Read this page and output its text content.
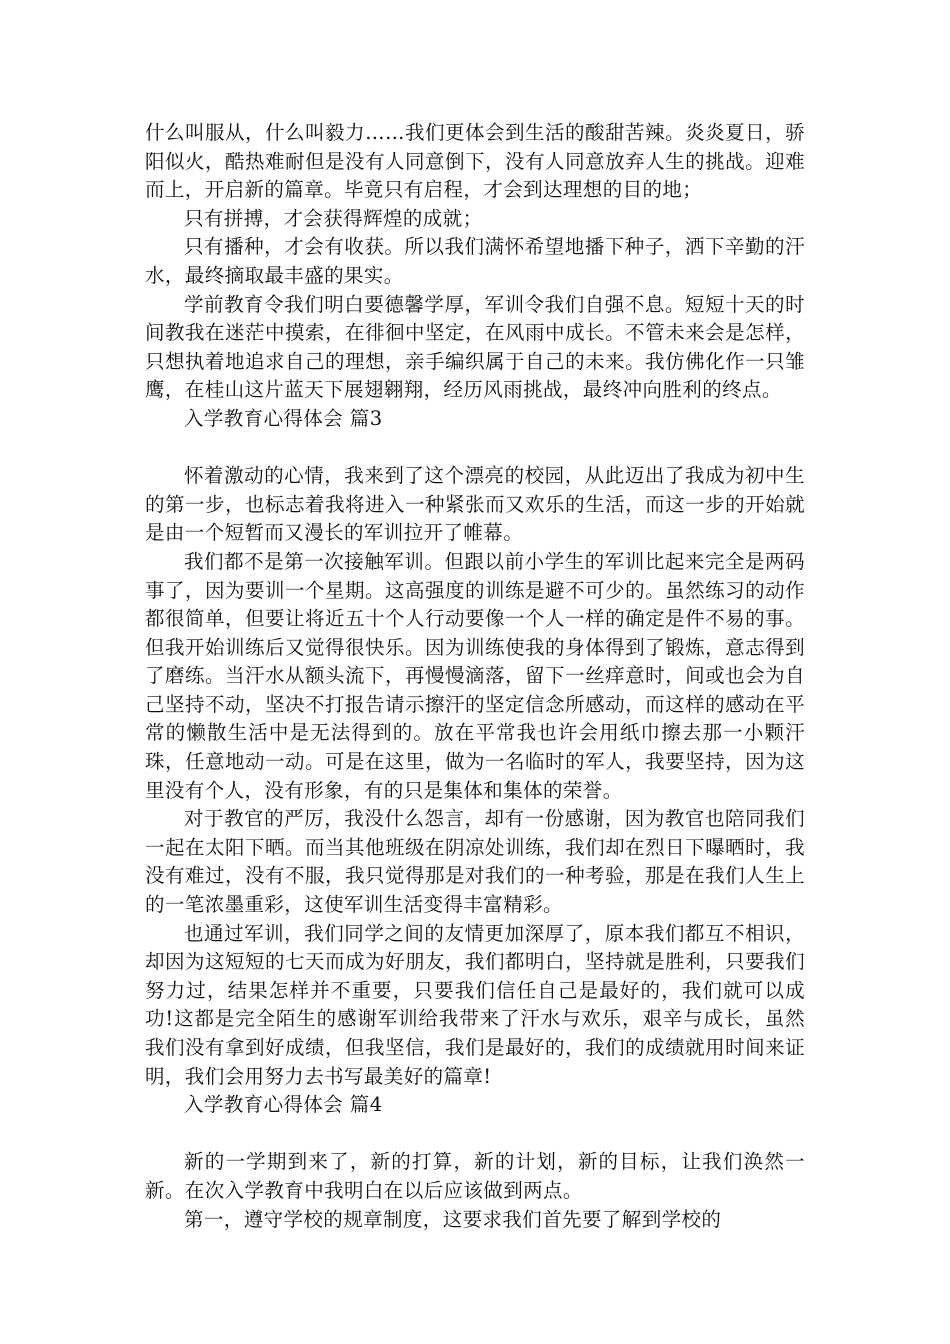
什么叫服从，什么叫毅力……我们更体会到生活的酸甜苦辣。炎炎夏日，骄阳似火，酷热难耐但是没有人同意倒下，没有人同意放弃人生的挑战。迎难而上，开启新的篇章。毕竟只有启程，才会到达理想的目的地；

只有拼搏，才会获得辉煌的成就；

只有播种，才会有收获。所以我们满怀希望地播下种子，洒下辛勤的汗水，最终摘取最丰盛的果实。

学前教育令我们明白要德馨学厚，军训令我们自强不息。短短十天的时间教我在迷茫中摸索，在徘徊中坚定，在风雨中成长。不管未来会是怎样，只想执着地追求自己的理想，亲手编织属于自己的未来。我仿佛化作一只雏鹰，在桂山这片蓝天下展翅翱翔，经历风雨挑战，最终冲向胜利的终点。

入学教育心得体会 篇3

怀着激动的心情，我来到了这个漂亮的校园，从此迈出了我成为初中生的第一步，也标志着我将进入一种紧张而又欢乐的生活，而这一步的开始就是由一个短暂而又漫长的军训拉开了帷幕。

我们都不是第一次接触军训。但跟以前小学生的军训比起来完全是两码事了，因为要训一个星期。这高强度的训练是避不可少的。虽然练习的动作都很简单，但要让将近五十个人行动要像一个人一样的确定是件不易的事。但我开始训练后又觉得很快乐。因为训练使我的身体得到了锻炼，意志得到了磨练。当汗水从额头流下，再慢慢滴落，留下一丝痒意时，间或也会为自己坚持不动，坚决不打报告请示擦汗的坚定信念所感动，而这样的感动在平常的懒散生活中是无法得到的。放在平常我也许会用纸巾擦去那一小颗汗珠，任意地动一动。可是在这里，做为一名临时的军人，我要坚持，因为这里没有个人，没有形象，有的只是集体和集体的荣誉。

对于教官的严厉，我没什么怨言，却有一份感谢，因为教官也陪同我们一起在太阳下晒。而当其他班级在阴凉处训练，我们却在烈日下曝晒时，我没有难过，没有不服，我只觉得那是对我们的一种考验，那是在我们人生上的一笔浓墨重彩，这使军训生活变得丰富精彩。

也通过军训，我们同学之间的友情更加深厚了，原本我们都互不相识，却因为这短短的七天而成为好朋友，我们都明白，坚持就是胜利，只要我们努力过，结果怎样并不重要，只要我们信任自己是最好的，我们就可以成功!这都是完全陌生的感谢军训给我带来了汗水与欢乐，艰辛与成长，虽然我们没有拿到好成绩，但我坚信，我们是最好的，我们的成绩就用时间来证明，我们会用努力去书写最美好的篇章!

入学教育心得体会 篇4

新的一学期到来了，新的打算，新的计划，新的目标，让我们涣然一新。在次入学教育中我明白在以后应该做到两点。

第一，遵守学校的规章制度，这要求我们首先要了解到学校的
